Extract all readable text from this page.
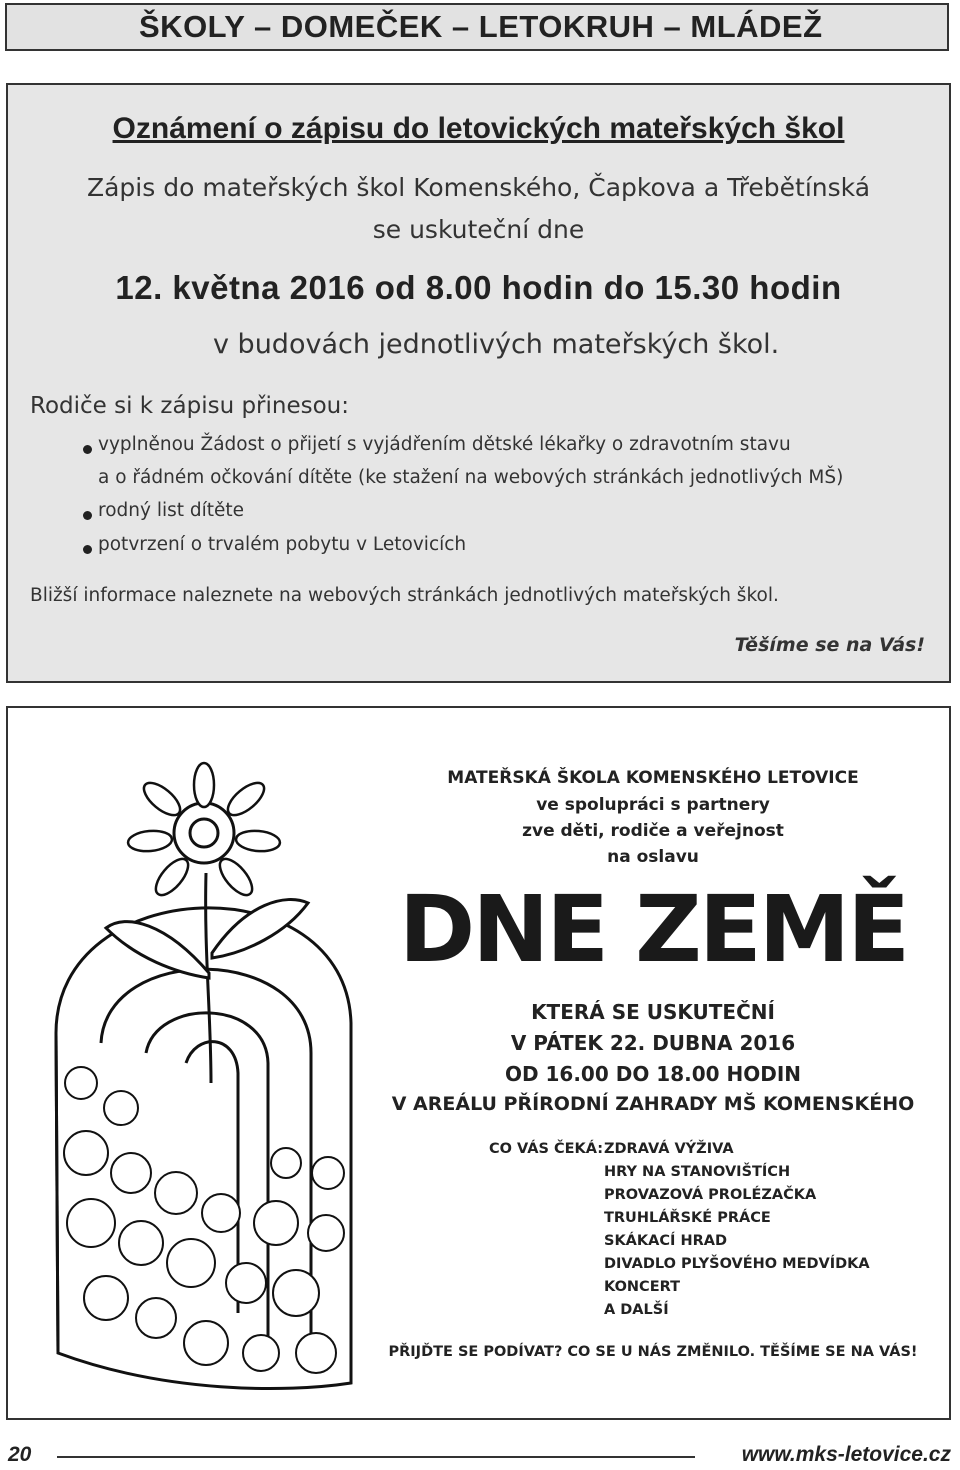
ŠKOLY – DOMEČEK – LETOKRUH – MLÁDEŽ
Oznámení o zápisu do letovických mateřských škol
Zápis do mateřských škol Komenského, Čapkova a Třebětínská
se uskuteční dne
12. května 2016 od 8.00 hodin do 15.30 hodin
v budovách jednotlivých mateřských škol.
Rodiče si k zápisu přinesou:
vyplněnou Žádost o přijetí s vyjádřením dětské lékařky o zdravotním stavu
a o řádném očkování dítěte (ke stažení na webových stránkách jednotlivých MŠ)
rodný list dítěte
potvrzení o trvalém pobytu v Letovicích
Bližší informace naleznete na webových stránkách jednotlivých mateřských škol.
Těšíme se na Vás!
MATEŘSKÁ ŠKOLA KOMENSKÉHO LETOVICE
ve spolupráci s partnery
zve děti, rodiče a veřejnost
na oslavu
DNE ZEMĚ
KTERÁ SE USKUTEČNÍ
V PÁTEK 22. DUBNA 2016
OD 16.00 DO 18.00 HODIN
V AREÁLU PŘÍRODNÍ ZAHRADY MŠ KOMENSKÉHO
CO VÁS ČEKÁ: ZDRAVÁ VÝŽIVA
HRY NA STANOVIŠTÍCH
PROVAZOVÁ PROLÉZAČKA
TRUHLÁŘSKÉ PRÁCE
SKÁKACÍ HRAD
DIVADLO PLYŠOVÉHO MEDVÍDKA
KONCERT
A DALŠÍ
PŘIJĎTE SE PODÍVAT? CO SE U NÁS ZMĚNILO. TĚŠÍME SE NA VÁS!
20	www.mks-letovice.cz
